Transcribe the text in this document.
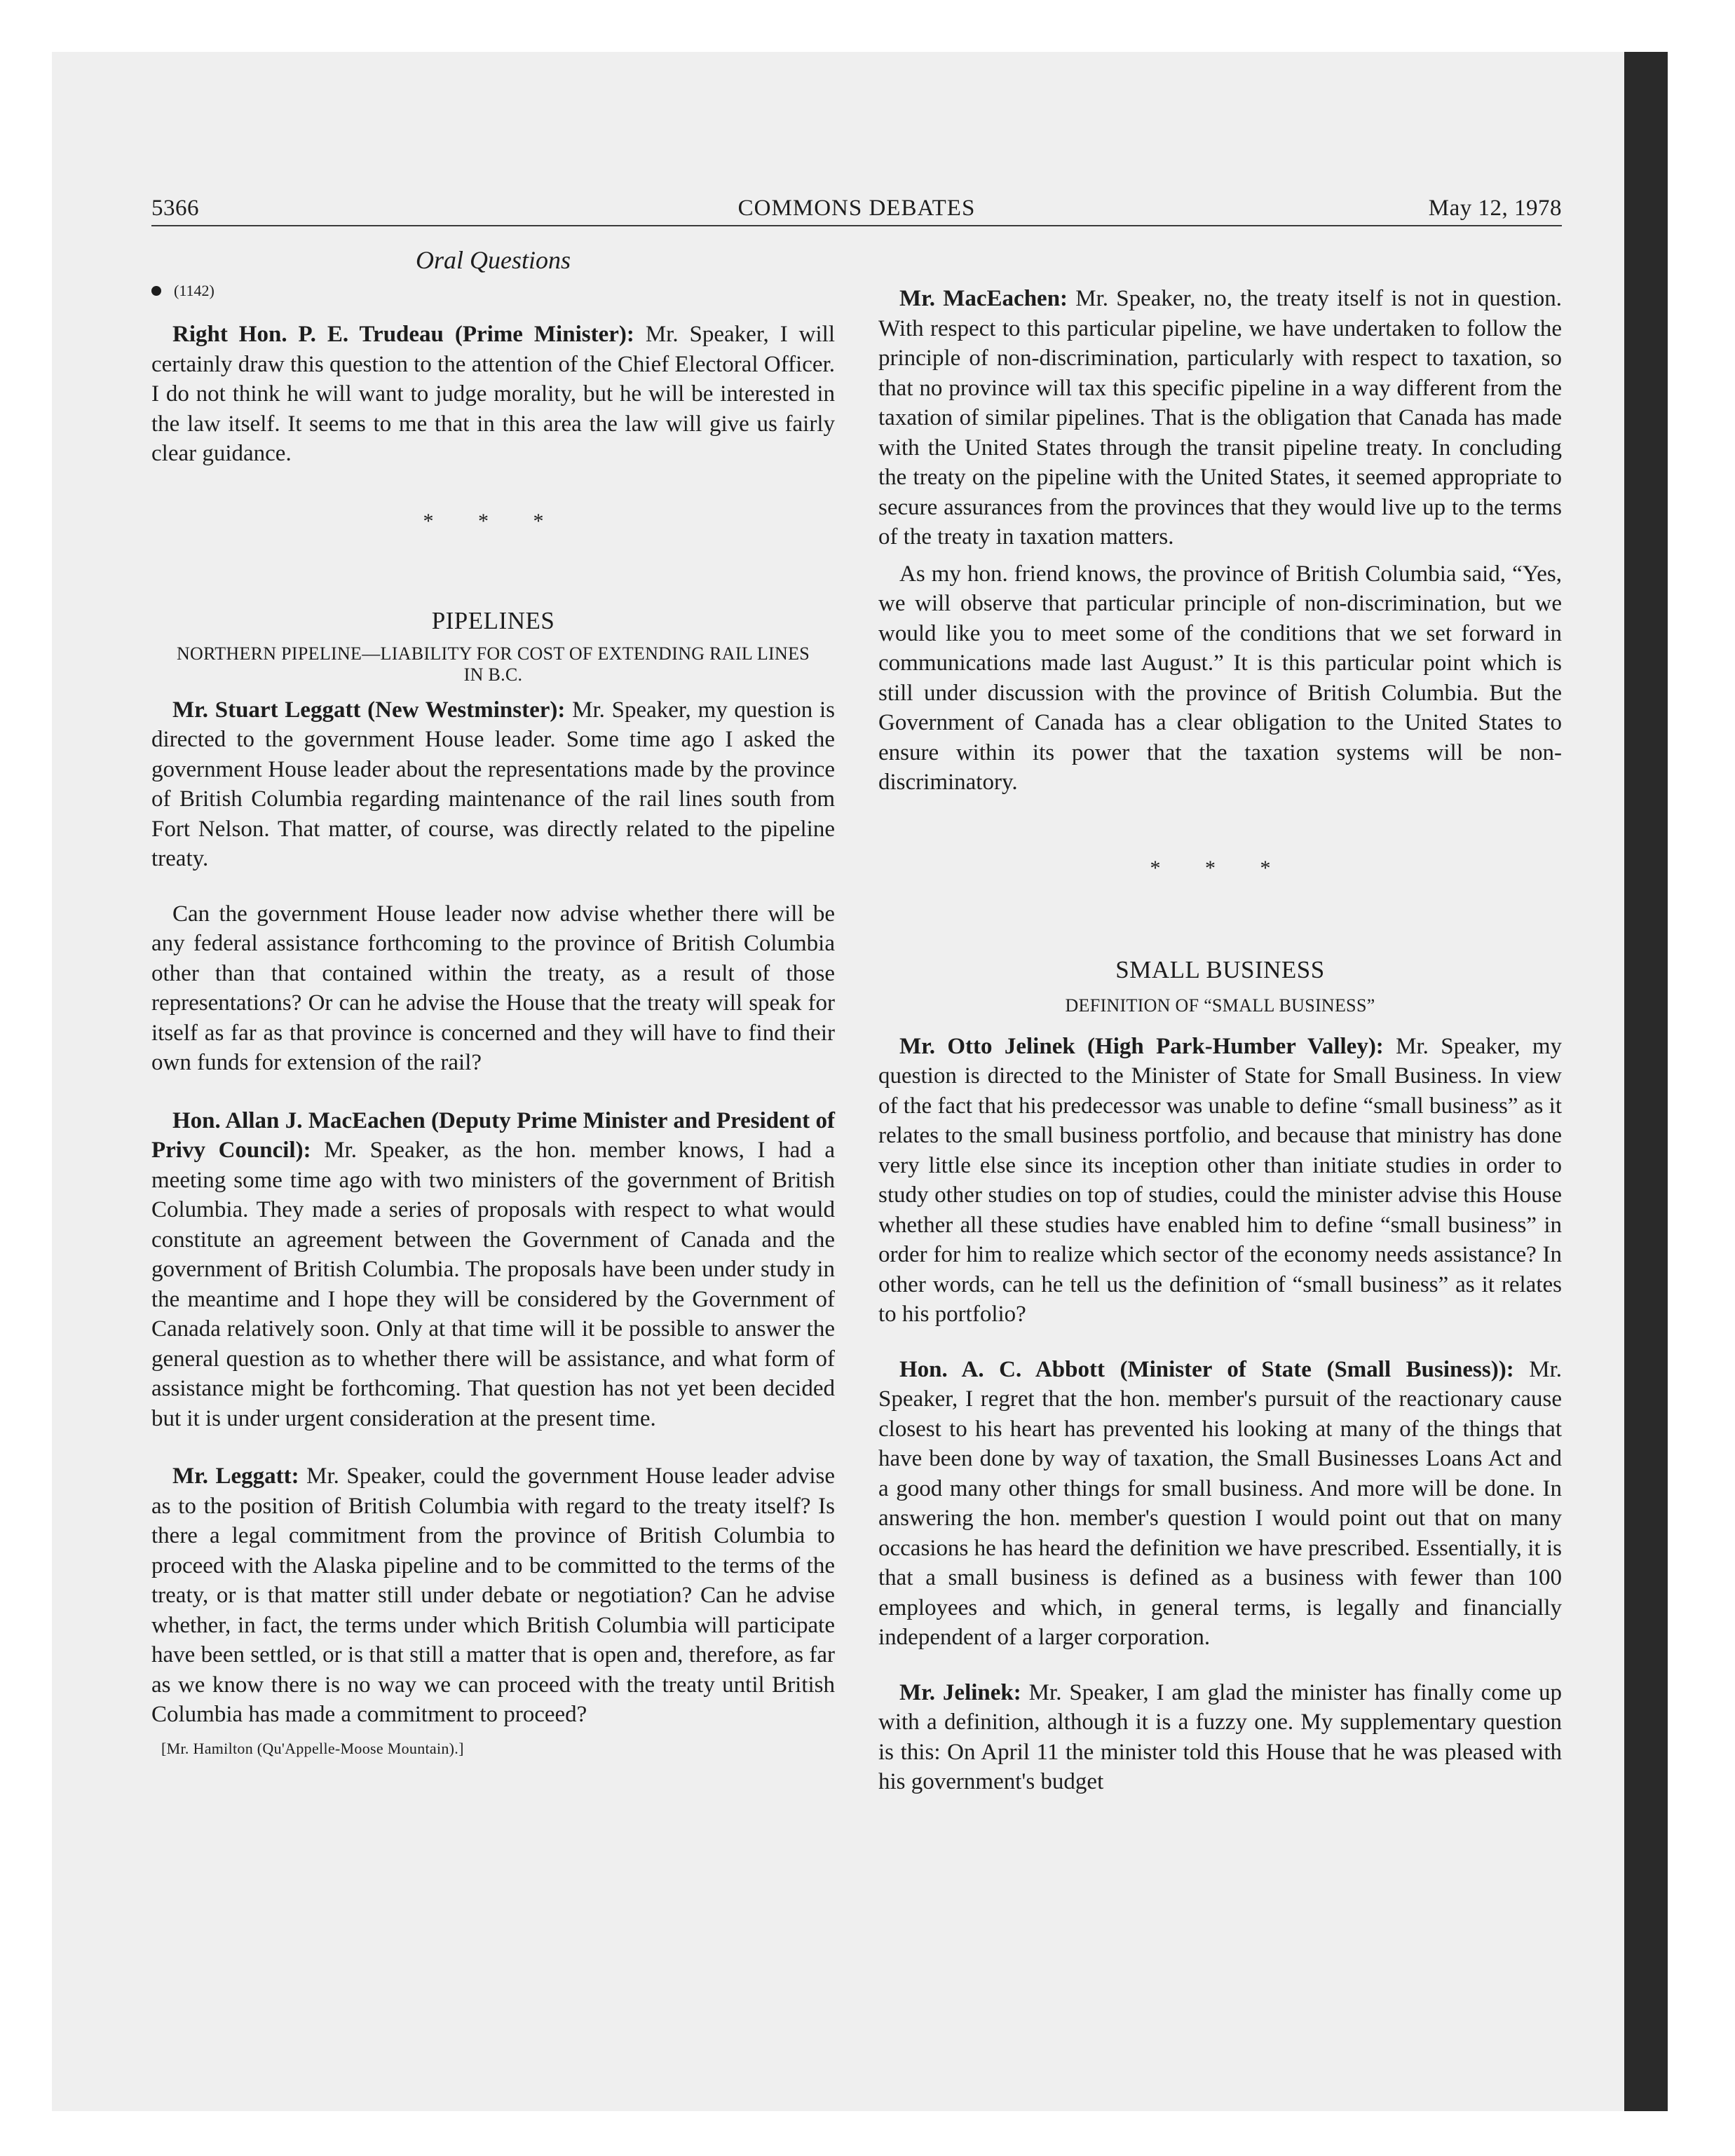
5366	COMMONS DEBATES	May 12, 1978
Oral Questions
(1142)

Right Hon. P. E. Trudeau (Prime Minister): Mr. Speaker, I will certainly draw this question to the attention of the Chief Electoral Officer. I do not think he will want to judge morality, but he will be interested in the law itself. It seems to me that in this area the law will give us fairly clear guidance.

* * *
PIPELINES
NORTHERN PIPELINE—LIABILITY FOR COST OF EXTENDING RAIL LINES IN B.C.

Mr. Stuart Leggatt (New Westminster): Mr. Speaker, my question is directed to the government House leader. Some time ago I asked the government House leader about the representations made by the province of British Columbia regarding maintenance of the rail lines south from Fort Nelson. That matter, of course, was directly related to the pipeline treaty.

Can the government House leader now advise whether there will be any federal assistance forthcoming to the province of British Columbia other than that contained within the treaty, as a result of those representations? Or can he advise the House that the treaty will speak for itself as far as that province is concerned and they will have to find their own funds for extension of the rail?

Hon. Allan J. MacEachen (Deputy Prime Minister and President of Privy Council): Mr. Speaker, as the hon. member knows, I had a meeting some time ago with two ministers of the government of British Columbia. They made a series of proposals with respect to what would constitute an agreement between the Government of Canada and the government of British Columbia. The proposals have been under study in the meantime and I hope they will be considered by the Government of Canada relatively soon. Only at that time will it be possible to answer the general question as to whether there will be assistance, and what form of assistance might be forthcoming. That question has not yet been decided but it is under urgent consideration at the present time.

Mr. Leggatt: Mr. Speaker, could the government House leader advise as to the position of British Columbia with regard to the treaty itself? Is there a legal commitment from the province of British Columbia to proceed with the Alaska pipeline and to be committed to the terms of the treaty, or is that matter still under debate or negotiation? Can he advise whether, in fact, the terms under which British Columbia will participate have been settled, or is that still a matter that is open and, therefore, as far as we know there is no way we can proceed with the treaty until British Columbia has made a commitment to proceed?

[Mr. Hamilton (Qu'Appelle-Moose Mountain).]

Mr. MacEachen: Mr. Speaker, no, the treaty itself is not in question. With respect to this particular pipeline, we have undertaken to follow the principle of non-discrimination, particularly with respect to taxation, so that no province will tax this specific pipeline in a way different from the taxation of similar pipelines. That is the obligation that Canada has made with the United States through the transit pipeline treaty. In concluding the treaty on the pipeline with the United States, it seemed appropriate to secure assurances from the provinces that they would live up to the terms of the treaty in taxation matters.

As my hon. friend knows, the province of British Columbia said, “Yes, we will observe that particular principle of non-discrimination, but we would like you to meet some of the conditions that we set forward in communications made last August.” It is this particular point which is still under discussion with the province of British Columbia. But the Government of Canada has a clear obligation to the United States to ensure within its power that the taxation systems will be non-discriminatory.

* * *
SMALL BUSINESS
DEFINITION OF “SMALL BUSINESS”

Mr. Otto Jelinek (High Park-Humber Valley): Mr. Speaker, my question is directed to the Minister of State for Small Business. In view of the fact that his predecessor was unable to define “small business” as it relates to the small business portfolio, and because that ministry has done very little else since its inception other than initiate studies in order to study other studies on top of studies, could the minister advise this House whether all these studies have enabled him to define “small business” in order for him to realize which sector of the economy needs assistance? In other words, can he tell us the definition of “small business” as it relates to his portfolio?

Hon. A. C. Abbott (Minister of State (Small Business)): Mr. Speaker, I regret that the hon. member's pursuit of the reactionary cause closest to his heart has prevented his looking at many of the things that have been done by way of taxation, the Small Businesses Loans Act and a good many other things for small business. And more will be done. In answering the hon. member's question I would point out that on many occasions he has heard the definition we have prescribed. Essentially, it is that a small business is defined as a business with fewer than 100 employees and which, in general terms, is legally and financially independent of a larger corporation.

Mr. Jelinek: Mr. Speaker, I am glad the minister has finally come up with a definition, although it is a fuzzy one. My supplementary question is this: On April 11 the minister told this House that he was pleased with his government's budget
